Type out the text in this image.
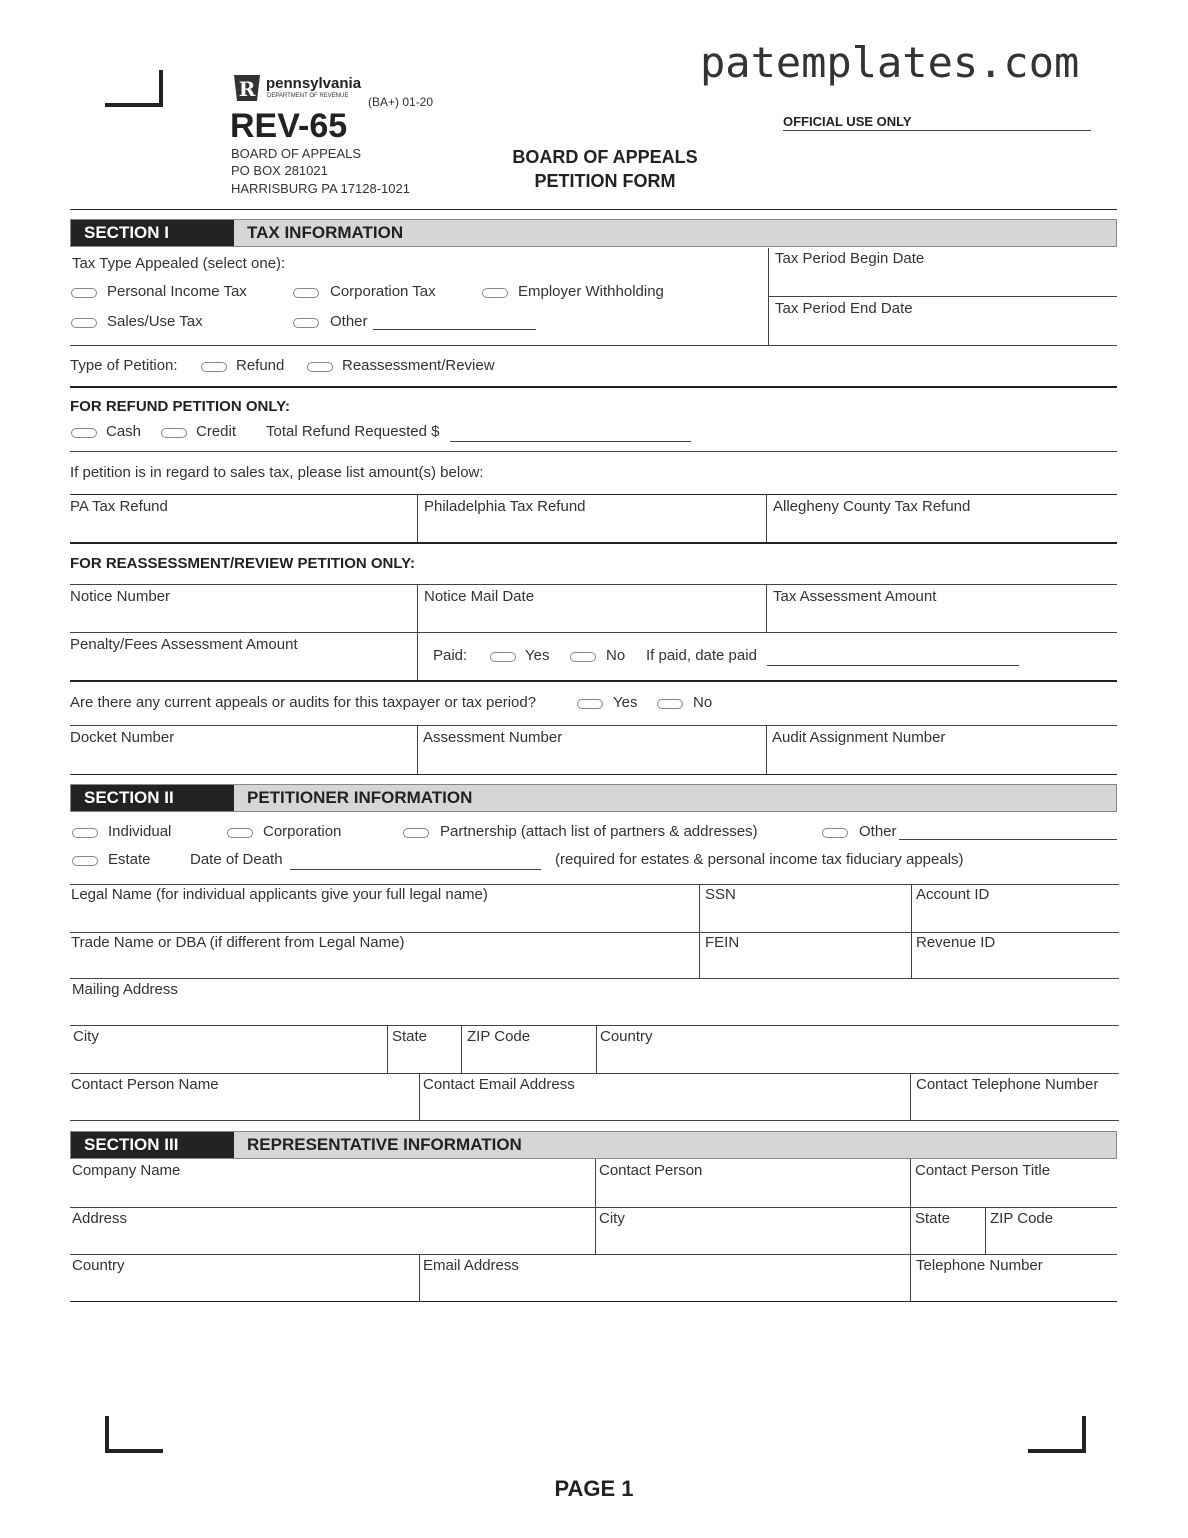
patemplates.com
R pennsylvania
DEPARTMENT OF REVENUE (BA+) 01-20
REV-65
BOARD OF APPEALS
PO BOX 281021
HARRISBURG PA 17128-1021
BOARD OF APPEALS
PETITION FORM
OFFICIAL USE ONLY
SECTION I	TAX INFORMATION
Tax Type Appealed (select one):
Personal Income Tax	Corporation Tax	Employer Withholding
Sales/Use Tax	Other
Tax Period Begin Date
Tax Period End Date
Type of Petition:	Refund	Reassessment/Review
FOR REFUND PETITION ONLY:
Cash	Credit Total Refund Requested $
If petition is in regard to sales tax, please list amount(s) below:
PA Tax Refund	Philadelphia Tax Refund	Allegheny County Tax Refund
FOR REASSESSMENT/REVIEW PETITION ONLY:
Notice Number	Notice Mail Date	Tax Assessment Amount
Penalty/Fees Assessment Amount
Paid:	Yes	No If paid, date paid
Are there any current appeals or audits for this taxpayer or tax period?	Yes	No
Docket Number	Assessment Number	Audit Assignment Number
SECTION II	PETITIONER INFORMATION
Individual	Corporation	Partnership (attach list of partners & addresses)	Other
Estate	Date of Death	(required for estates & personal income tax fiduciary appeals)
Legal Name (for individual applicants give your full legal name)	SSN	Account ID
Trade Name or DBA (if different from Legal Name)	FEIN	Revenue ID
Mailing Address
City	State	ZIP Code	Country
Contact Person Name	Contact Email Address	Contact Telephone Number
SECTION III	REPRESENTATIVE INFORMATION
Company Name	Contact Person	Contact Person Title
Address	City	State	ZIP Code
Country	Email Address	Telephone Number
PAGE 1
